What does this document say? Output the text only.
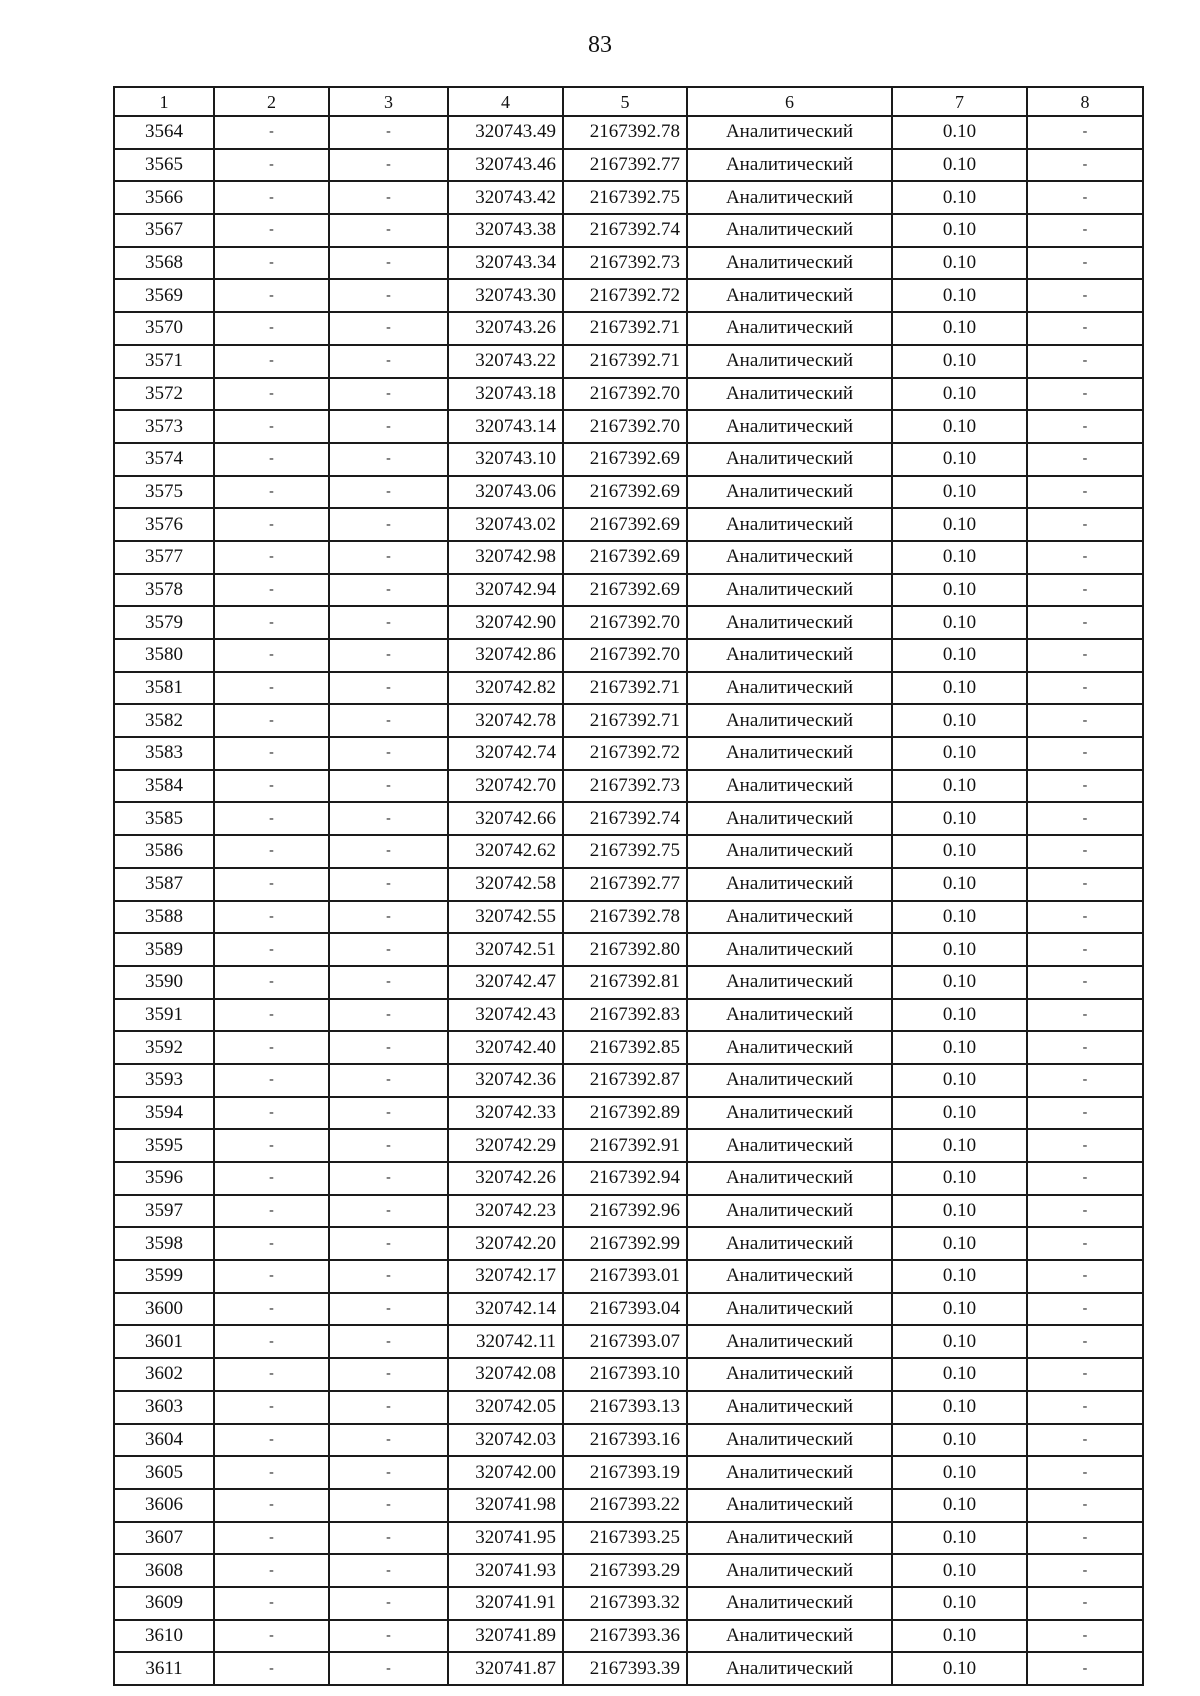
83
1	2	3	4	5	6	7	8
3564	-	-	320743.49	2167392.78	Аналитический	0.10	-
3565	-	-	320743.46	2167392.77	Аналитический	0.10	-
3566	-	-	320743.42	2167392.75	Аналитический	0.10	-
3567	-	-	320743.38	2167392.74	Аналитический	0.10	-
3568	-	-	320743.34	2167392.73	Аналитический	0.10	-
3569	-	-	320743.30	2167392.72	Аналитический	0.10	-
3570	-	-	320743.26	2167392.71	Аналитический	0.10	-
3571	-	-	320743.22	2167392.71	Аналитический	0.10	-
3572	-	-	320743.18	2167392.70	Аналитический	0.10	-
3573	-	-	320743.14	2167392.70	Аналитический	0.10	-
3574	-	-	320743.10	2167392.69	Аналитический	0.10	-
3575	-	-	320743.06	2167392.69	Аналитический	0.10	-
3576	-	-	320743.02	2167392.69	Аналитический	0.10	-
3577	-	-	320742.98	2167392.69	Аналитический	0.10	-
3578	-	-	320742.94	2167392.69	Аналитический	0.10	-
3579	-	-	320742.90	2167392.70	Аналитический	0.10	-
3580	-	-	320742.86	2167392.70	Аналитический	0.10	-
3581	-	-	320742.82	2167392.71	Аналитический	0.10	-
3582	-	-	320742.78	2167392.71	Аналитический	0.10	-
3583	-	-	320742.74	2167392.72	Аналитический	0.10	-
3584	-	-	320742.70	2167392.73	Аналитический	0.10	-
3585	-	-	320742.66	2167392.74	Аналитический	0.10	-
3586	-	-	320742.62	2167392.75	Аналитический	0.10	-
3587	-	-	320742.58	2167392.77	Аналитический	0.10	-
3588	-	-	320742.55	2167392.78	Аналитический	0.10	-
3589	-	-	320742.51	2167392.80	Аналитический	0.10	-
3590	-	-	320742.47	2167392.81	Аналитический	0.10	-
3591	-	-	320742.43	2167392.83	Аналитический	0.10	-
3592	-	-	320742.40	2167392.85	Аналитический	0.10	-
3593	-	-	320742.36	2167392.87	Аналитический	0.10	-
3594	-	-	320742.33	2167392.89	Аналитический	0.10	-
3595	-	-	320742.29	2167392.91	Аналитический	0.10	-
3596	-	-	320742.26	2167392.94	Аналитический	0.10	-
3597	-	-	320742.23	2167392.96	Аналитический	0.10	-
3598	-	-	320742.20	2167392.99	Аналитический	0.10	-
3599	-	-	320742.17	2167393.01	Аналитический	0.10	-
3600	-	-	320742.14	2167393.04	Аналитический	0.10	-
3601	-	-	320742.11	2167393.07	Аналитический	0.10	-
3602	-	-	320742.08	2167393.10	Аналитический	0.10	-
3603	-	-	320742.05	2167393.13	Аналитический	0.10	-
3604	-	-	320742.03	2167393.16	Аналитический	0.10	-
3605	-	-	320742.00	2167393.19	Аналитический	0.10	-
3606	-	-	320741.98	2167393.22	Аналитический	0.10	-
3607	-	-	320741.95	2167393.25	Аналитический	0.10	-
3608	-	-	320741.93	2167393.29	Аналитический	0.10	-
3609	-	-	320741.91	2167393.32	Аналитический	0.10	-
3610	-	-	320741.89	2167393.36	Аналитический	0.10	-
3611	-	-	320741.87	2167393.39	Аналитический	0.10	-
